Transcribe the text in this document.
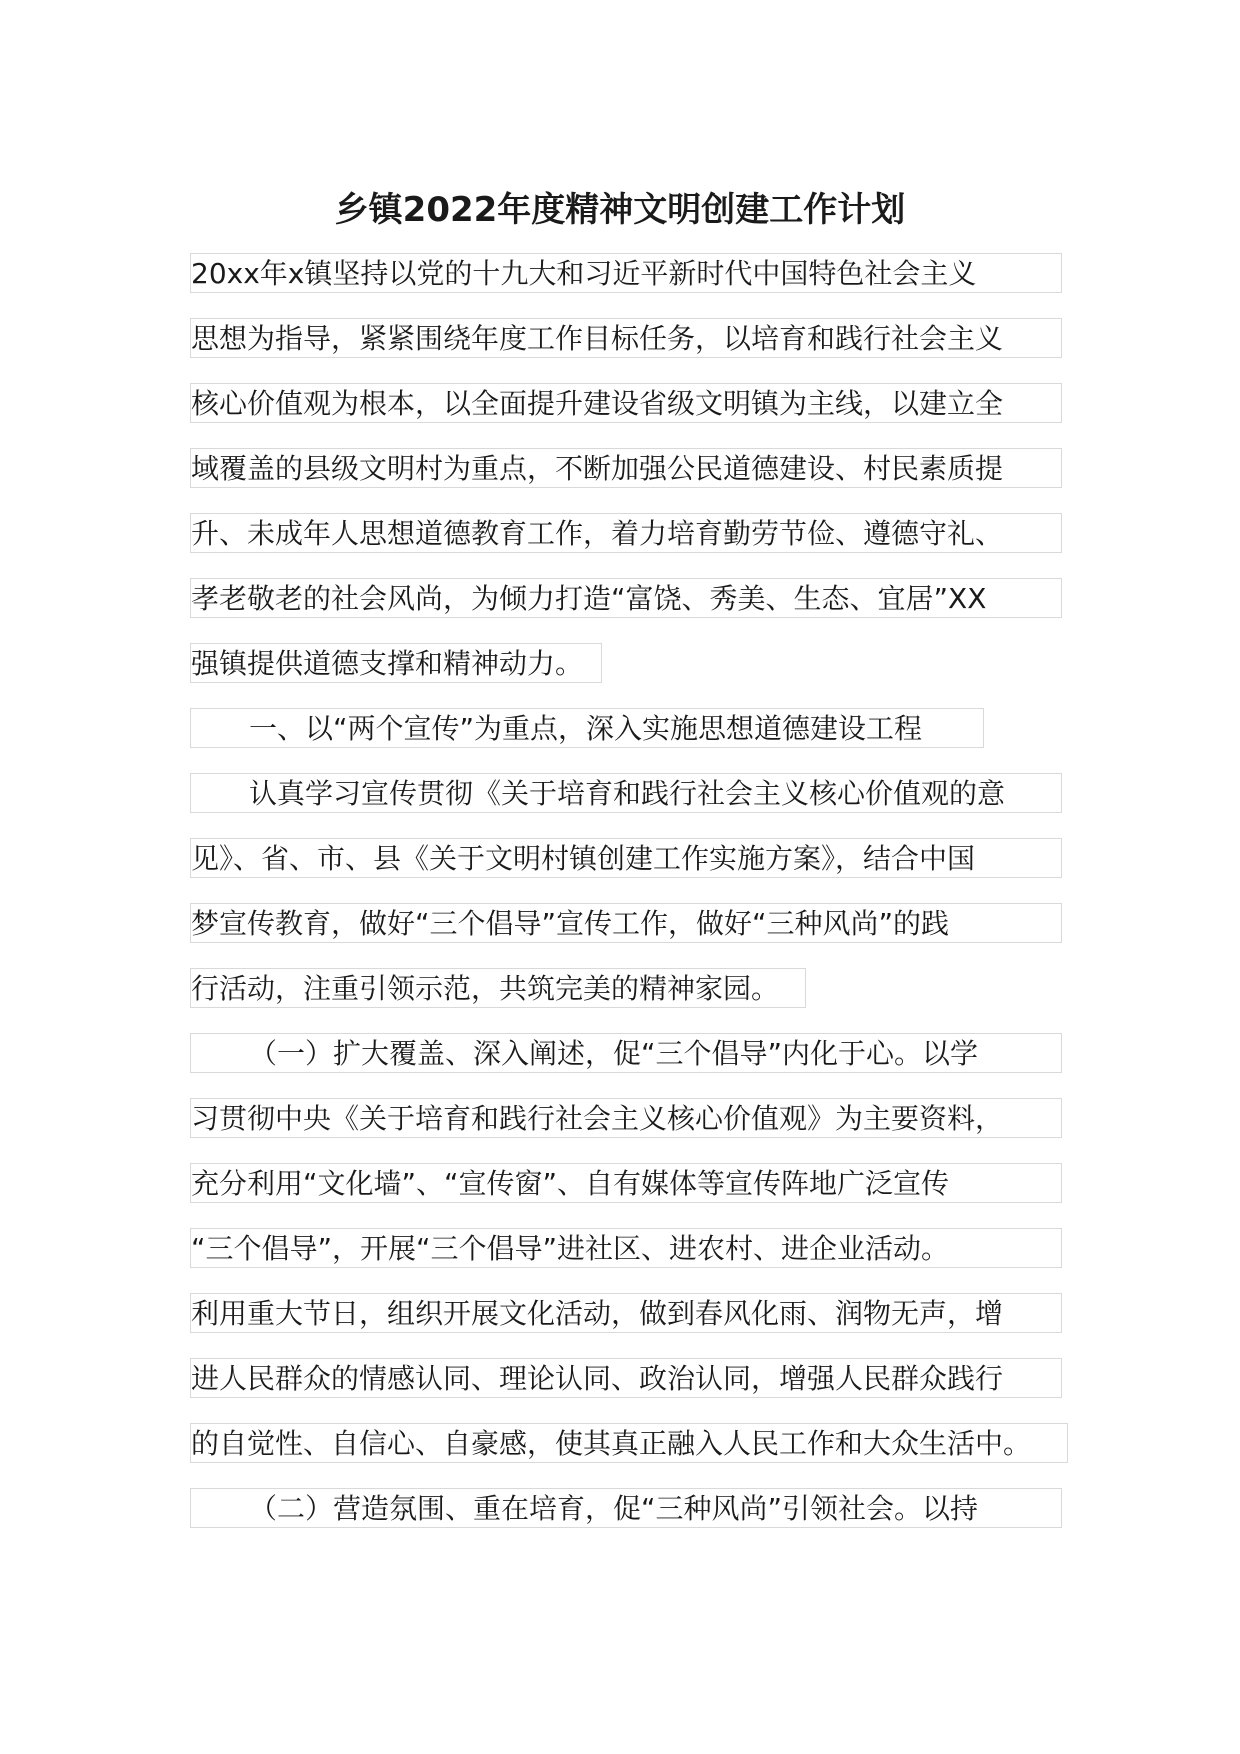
乡镇2022年度精神文明创建工作计划
20xx年x镇坚持以党的十九大和习近平新时代中国特色社会主义
思想为指导，紧紧围绕年度工作目标任务，以培育和践行社会主义
核心价值观为根本，以全面提升建设省级文明镇为主线，以建立全
域覆盖的县级文明村为重点，不断加强公民道德建设、村民素质提
升、未成年人思想道德教育工作，着力培育勤劳节俭、遵德守礼、
孝老敬老的社会风尚，为倾力打造“富饶、秀美、生态、宜居”XX
强镇提供道德支撑和精神动力。
一、以“两个宣传”为重点，深入实施思想道德建设工程
认真学习宣传贯彻《关于培育和践行社会主义核心价值观的意
见》、省、市、县《关于文明村镇创建工作实施方案》，结合中国
梦宣传教育，做好“三个倡导”宣传工作，做好“三种风尚”的践
行活动，注重引领示范，共筑完美的精神家园。
（一）扩大覆盖、深入阐述，促“三个倡导”内化于心。以学
习贯彻中央《关于培育和践行社会主义核心价值观》为主要资料，
充分利用“文化墙”、“宣传窗”、自有媒体等宣传阵地广泛宣传
“三个倡导”，开展“三个倡导”进社区、进农村、进企业活动。
利用重大节日，组织开展文化活动，做到春风化雨、润物无声，增
进人民群众的情感认同、理论认同、政治认同，增强人民群众践行
的自觉性、自信心、自豪感，使其真正融入人民工作和大众生活中。
（二）营造氛围、重在培育，促“三种风尚”引领社会。以持
